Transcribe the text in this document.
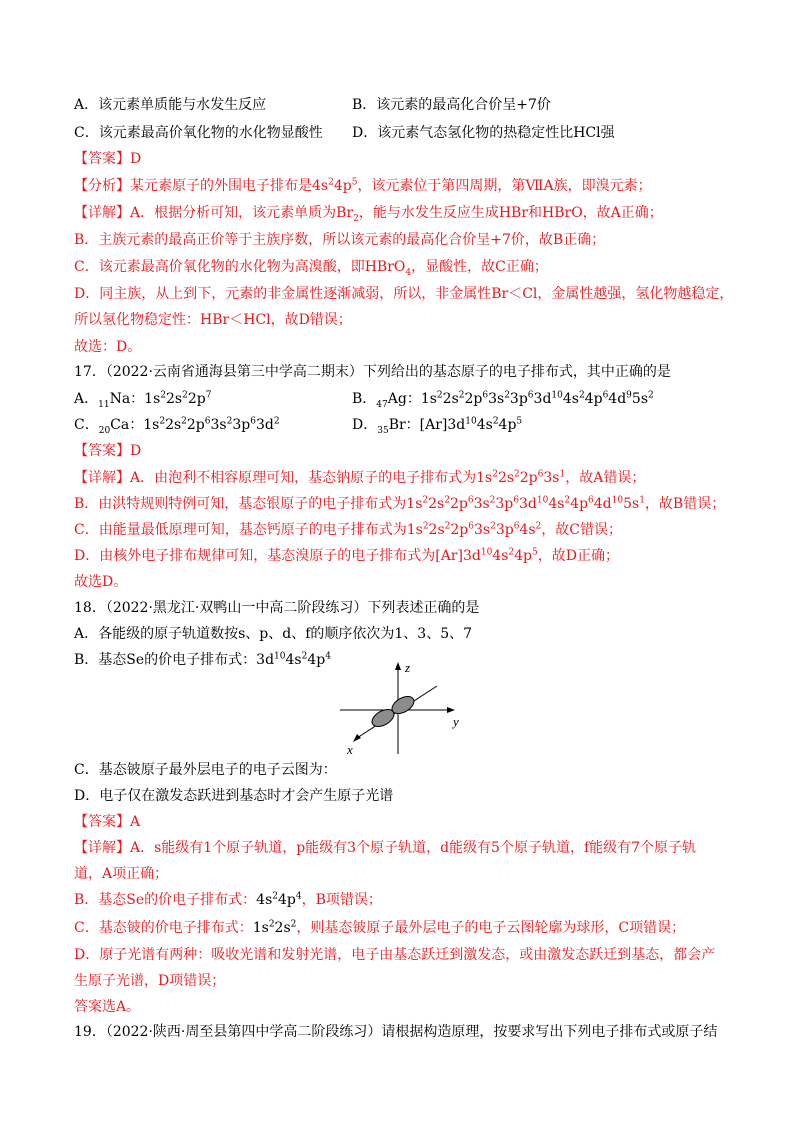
A．该元素单质能与水发生反应	B．该元素的最高化合价呈+7价
C．该元素最高价氧化物的水化物显酸性 D．该元素气态氢化物的热稳定性比HCl强
【答案】D
【分析】某元素原子的外围电子排布是$4s^24p^5$，该元素位于第四周期，第ⅦA族，即溴元素；
【详解】A．根据分析可知，该元素单质为$Br_2$，能与水发生反应生成HBr和HBrO，故A正确；
B．主族元素的最高正价等于主族序数，所以该元素的最高化合价呈+7价，故B正确；
C．该元素最高价氧化物的水化物为高溴酸，即HBrO$_4$，显酸性，故C正确；
D．同主族，从上到下，元素的非金属性逐渐减弱，所以，非金属性Br＜Cl，金属性越强，氢化物越稳定，
所以氢化物稳定性：HBr＜HCl，故D错误；
故选：D。
17．（2022·云南省通海县第三中学高二期末）下列给出的基态原子的电子排布式，其中正确的是
A．$_{11}$Na：$1s^22s^22p^7$	B．$_{47}$Ag：$1s^22s^22p^63s^23p^63d^{10}4s^24p^64d^95s^2$
C．$_{20}$Ca：$1s^22s^22p^63s^23p^63d^2$	D．$_{35}$Br：$[Ar]3d^{10}4s^24p^5$
【答案】D
【详解】A．由泡利不相容原理可知，基态钠原子的电子排布式为$1s^22s^22p^63s^1$，故A错误；
B．由洪特规则特例可知，基态银原子的电子排布式为$1s^22s^22p^63s^23p^63d^{10}4s^24p^64d^{10}5s^1$，故B错误；
C．由能量最低原理可知，基态钙原子的电子排布式为$1s^22s^22p^63s^23p^64s^2$，故C错误；
D．由核外电子排布规律可知，基态溴原子的电子排布式为$[Ar]3d^{10}4s^24p^5$，故D正确；
故选D。
18．（2022·黑龙江·双鸭山一中高二阶段练习）下列表述正确的是
A．各能级的原子轨道数按s、p、d、f的顺序依次为1、3、5、7
B．基态Se的价电子排布式：$3d^{10}4s^24p^4$
z
y
x
C．基态铍原子最外层电子的电子云图为：
D．电子仅在激发态跃进到基态时才会产生原子光谱
【答案】A
【详解】A．s能级有1个原子轨道，p能级有3个原子轨道，d能级有5个原子轨道，f能级有7个原子轨
道，A项正确；
B．基态Se的价电子排布式：$4s^24p^4$，B项错误；
C．基态铍的价电子排布式：$1s^22s^2$，则基态铍原子最外层电子的电子云图轮廓为球形，C项错误；
D．原子光谱有两种：吸收光谱和发射光谱，电子由基态跃迁到激发态，或由激发态跃迁到基态，都会产
生原子光谱，D项错误；
答案选A。
19．（2022·陕西·周至县第四中学高二阶段练习）请根据构造原理，按要求写出下列电子排布式或原子结
